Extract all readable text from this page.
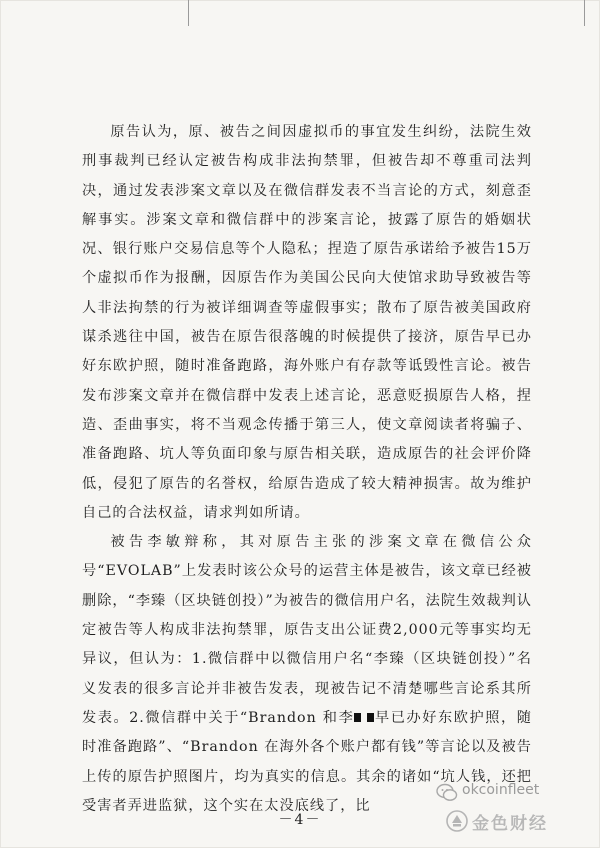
原告认为，原、被告之间因虚拟币的事宜发生纠纷，法院生效刑事裁判已经认定被告构成非法拘禁罪，但被告却不尊重司法判决，通过发表涉案文章以及在微信群发表不当言论的方式，刻意歪解事实。涉案文章和微信群中的涉案言论，披露了原告的婚姻状况、银行账户交易信息等个人隐私；捏造了原告承诺给予被告15万个虚拟币作为报酬，因原告作为美国公民向大使馆求助导致被告等人非法拘禁的行为被详细调查等虚假事实；散布了原告被美国政府谋杀逃往中国，被告在原告很落魄的时候提供了接济，原告早已办好东欧护照，随时准备跑路，海外账户有存款等诋毁性言论。被告发布涉案文章并在微信群中发表上述言论，恶意贬损原告人格，捏造、歪曲事实，将不当观念传播于第三人，使文章阅读者将骗子、准备跑路、坑人等负面印象与原告相关联，造成原告的社会评价降低，侵犯了原告的名誉权，给原告造成了较大精神损害。故为维护自己的合法权益，请求判如所请。

被告李敏辩称，其对原告主张的涉案文章在微信公众号“EVOLAB”上发表时该公众号的运营主体是被告，该文章已经被删除，“李臻（区块链创投）”为被告的微信用户名，法院生效裁判认定被告等人构成非法拘禁罪，原告支出公证费2,000元等事实均无异议，但认为：1.微信群中以微信用户名“李臻（区块链创投）”名义发表的很多言论并非被告发表，现被告记不清楚哪些言论系其所发表。2.微信群中关于“Brandon 和李 早已办好东欧护照，随时准备跑路”、“Brandon 在海外各个账户都有钱”等言论以及被告上传的原告护照图片，均为真实的信息。其余的诸如“坑人钱，还把受害者弄进监狱，这个实在太没底线了，比

－4－
okcoinfleet
金色财经
